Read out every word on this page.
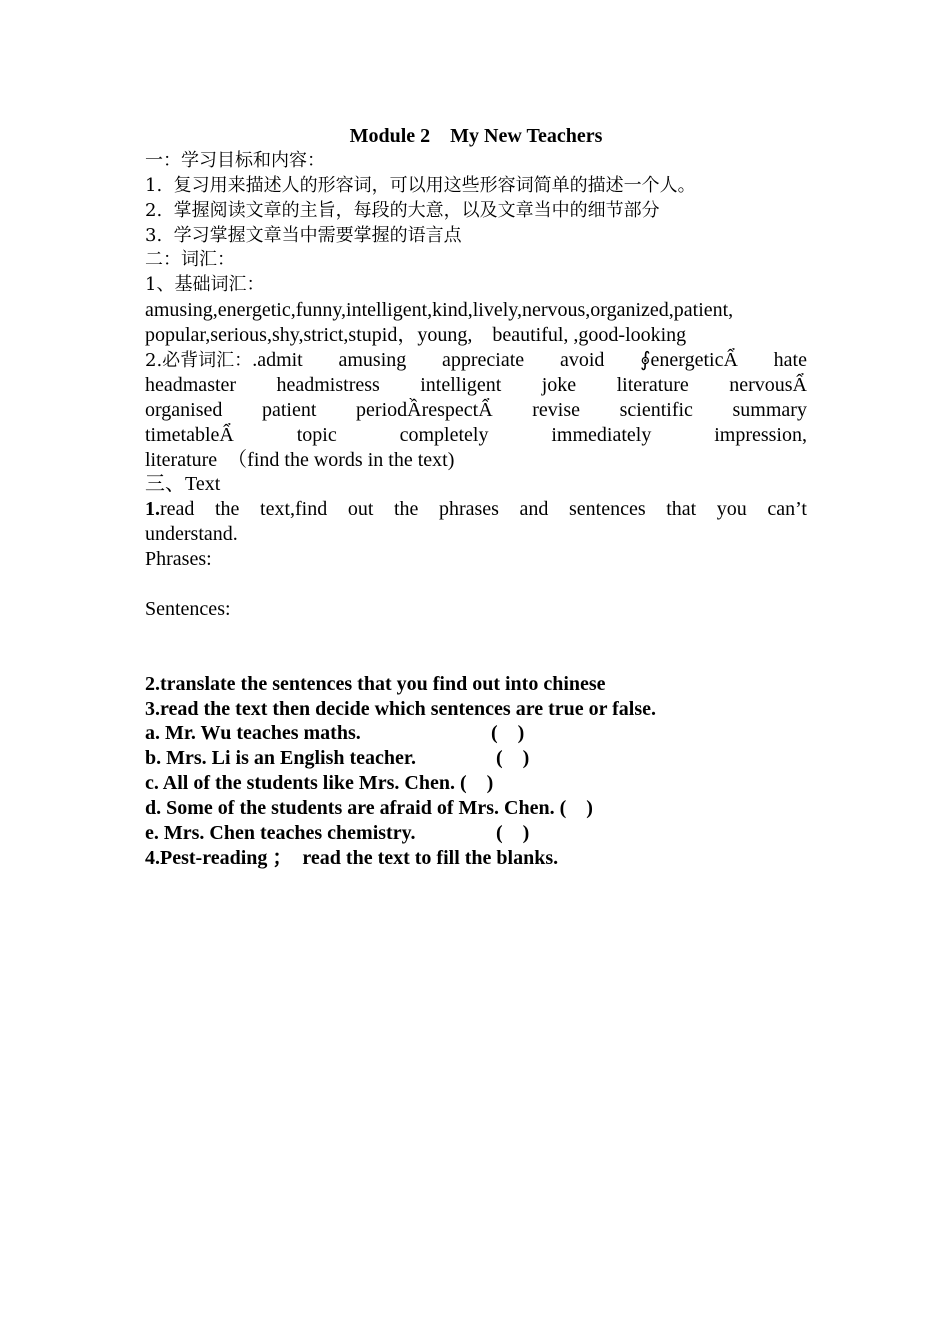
Module 2    My New Teachers
一：学习目标和内容：
1.  复习用来描述人的形容词，可以用这些形容词简单的描述一个人。
2.  掌握阅读文章的主旨，每段的大意，以及文章当中的细节部分
3.  学习掌握文章当中需要掌握的语言点
二：词汇：
1、基础词汇：
amusing,energetic,funny,intelligent,kind,lively,nervous,organized,patient,
popular,serious,shy,strict,stupid，young,    beautiful, ,good-looking
2.必背词汇：.admit amusing appreciate avoid ⨕energeticẨ hate
headmaster headmistress intelligent joke literature nervousẨ
organised patient periodẦrespectẨ revise scientific summary
timetableẨ	topic	completely	immediately	impression,
literature  （find the words in the text)
三、Text
1.read the text,find out the phrases and sentences that you can’t
understand.
Phrases:
Sentences:
2.translate the sentences that you find out into chinese
3.read the text then decide which sentences are true or false.
a. Mr. Wu teaches maths.	(    )
b. Mrs. Li is an English teacher.	(    )
c. All of the students like Mrs. Chen. (    )
d. Some of the students are afraid of Mrs. Chen. (    )
e. Mrs. Chen teaches chemistry.	(    )
4.Pest-reading ；  read the text to fill the blanks.
